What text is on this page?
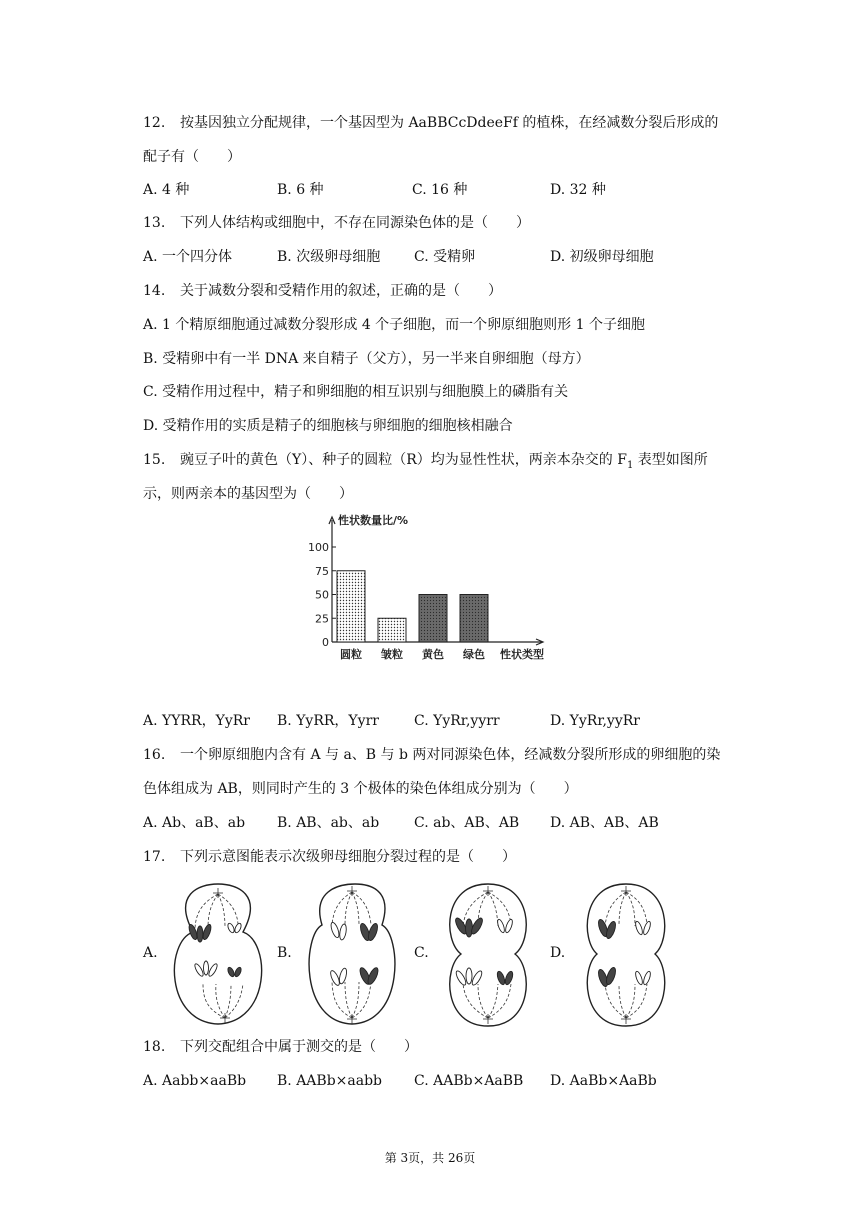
12. 按基因独立分配规律，一个基因型为 AaBBCcDdeeFf 的植株，在经减数分裂后形成的
配子有（　　）
A. 4 种	B. 6 种	C. 16 种	D. 32 种
13. 下列人体结构或细胞中，不存在同源染色体的是（　　）
A. 一个四分体	B. 次级卵母细胞 C. 受精卵	D. 初级卵母细胞
14. 关于减数分裂和受精作用的叙述，正确的是（　　）
A. 1 个精原细胞通过减数分裂形成 4 个子细胞，而一个卵原细胞则形 1 个子细胞
B. 受精卵中有一半 DNA 来自精子（父方），另一半来自卵细胞（母方）
C. 受精作用过程中，精子和卵细胞的相互识别与细胞膜上的磷脂有关
D. 受精作用的实质是精子的细胞核与卵细胞的细胞核相融合
15. 豌豆子叶的黄色（Y）、种子的圆粒（R）均为显性性状，两亲本杂交的 $F_1$ 表型如图所
示，则两亲本的基因型为（　　）
0
25
50
75
100
性状数量比/%
圆粒 皱粒 黄色 绿色 性状类型
A. YYRR，YyRr B. YyRR，Yyrr	C. YyRr,yyrr	D. YyRr,yyRr
16. 一个卵原细胞内含有 A 与 a、B 与 b 两对同源染色体，经减数分裂所形成的卵细胞的染
色体组成为 AB，则同时产生的 3 个极体的染色体组成分别为（　　）
A. Ab、aB、ab B. AB、ab、ab C. ab、AB、AB D. AB、AB、AB
17. 下列示意图能表示次级卵母细胞分裂过程的是（　　）
A.	B.	C.	D.
18. 下列交配组合中属于测交的是（　　）
A. Aabb×aaBb B. AABb×aabb C. AABb×AaBB D. AaBb×AaBb
第 3页，共 26页
